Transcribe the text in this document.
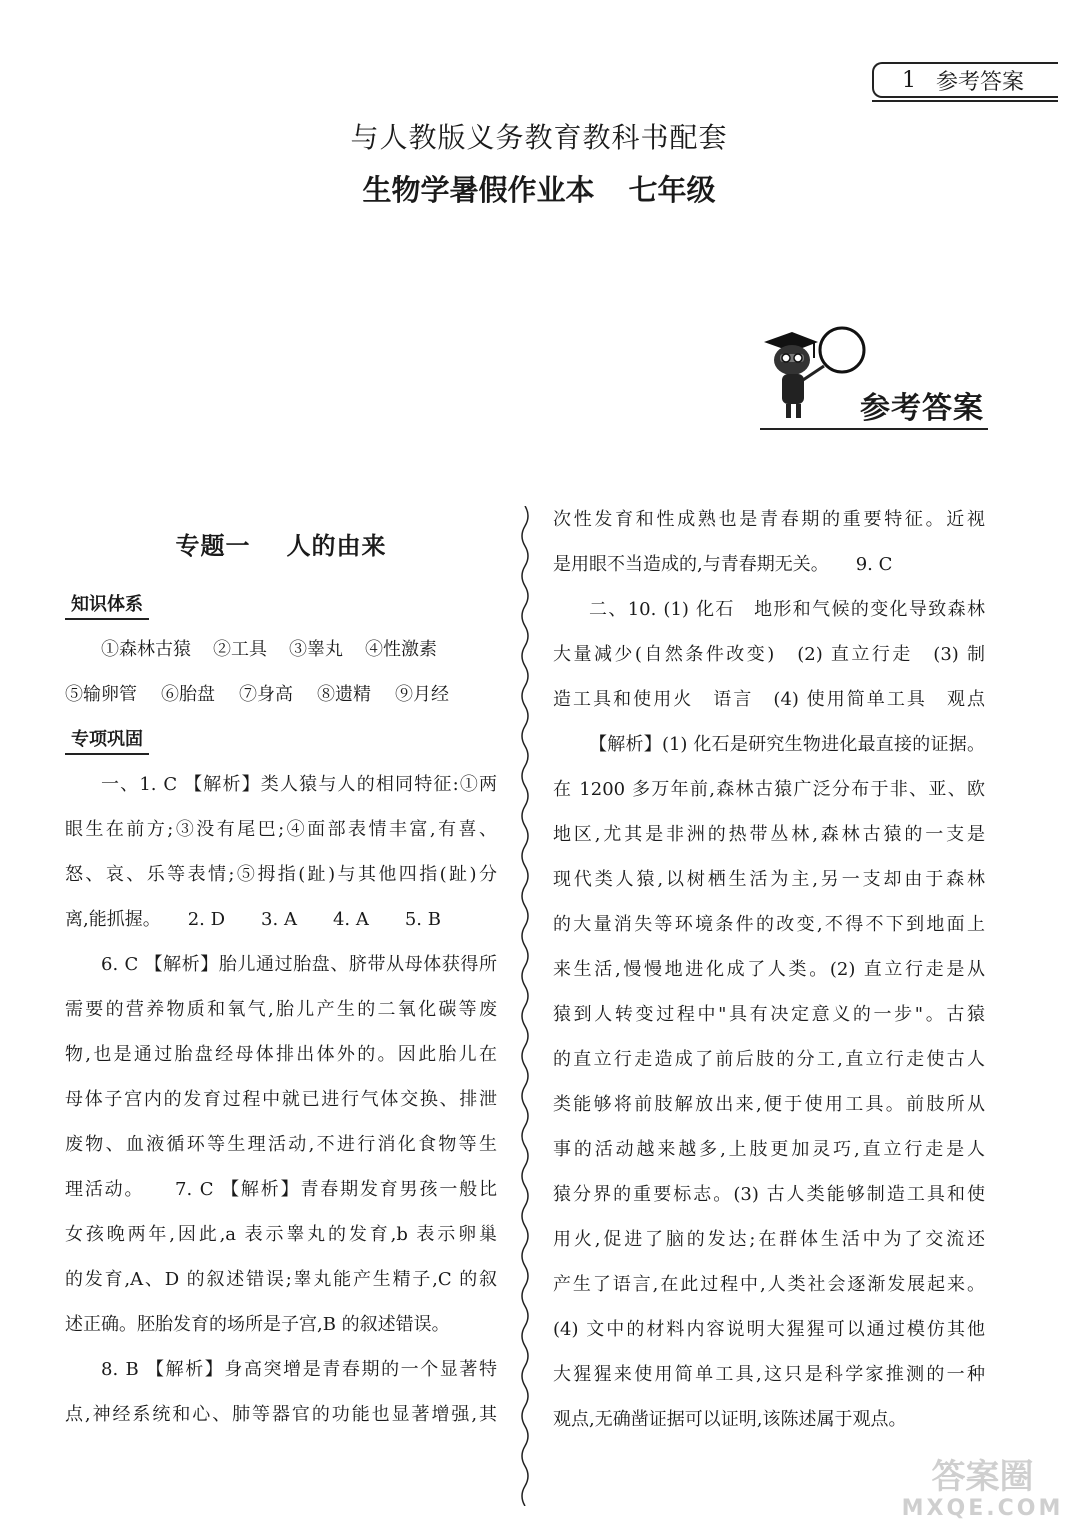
1 参考答案
与人教版义务教育教科书配套
生物学暑假作业本 七年级
参考答案
专题一 人的由来
知识体系
①森林古猿 ②工具 ③睾丸 ④性激素
⑤输卵管 ⑥胎盘 ⑦身高 ⑧遗精 ⑨月经
专项巩固

一、1. C 【解析】类人猿与人的相同特征:①两

眼生在前方;③没有尾巴;④面部表情丰富,有喜、

怒、哀、乐等表情;⑤拇指(趾)与其他四指(趾)分

离,能抓握。　　2. D　　3. A　　4. A　　5. B

6. C 【解析】胎儿通过胎盘、脐带从母体获得所

需要的营养物质和氧气,胎儿产生的二氧化碳等废

物,也是通过胎盘经母体排出体外的。因此胎儿在

母体子宫内的发育过程中就已进行气体交换、排泄

废物、血液循环等生理活动,不进行消化食物等生

理活动。　　7. C 【解析】青春期发育男孩一般比

女孩晚两年,因此,a 表示睾丸的发育,b 表示卵巢

的发育,A、D 的叙述错误;睾丸能产生精子,C 的叙

述正确。胚胎发育的场所是子宫,B 的叙述错误。

8. B 【解析】身高突增是青春期的一个显著特

点,神经系统和心、肺等器官的功能也显著增强,其

次性发育和性成熟也是青春期的重要特征。近视

是用眼不当造成的,与青春期无关。　　9. C

二、10. (1) 化石　地形和气候的变化导致森林

大量减少(自然条件改变)　(2) 直立行走　(3) 制

造工具和使用火　语言　(4) 使用简单工具　观点

【解析】(1) 化石是研究生物进化最直接的证据。

在 1200 多万年前,森林古猿广泛分布于非、亚、欧

地区,尤其是非洲的热带丛林,森林古猿的一支是

现代类人猿,以树栖生活为主,另一支却由于森林

的大量消失等环境条件的改变,不得不下到地面上

来生活,慢慢地进化成了人类。(2) 直立行走是从

猿到人转变过程中"具有决定意义的一步"。古猿

的直立行走造成了前后肢的分工,直立行走使古人

类能够将前肢解放出来,便于使用工具。前肢所从

事的活动越来越多,上肢更加灵巧,直立行走是人

猿分界的重要标志。(3) 古人类能够制造工具和使

用火,促进了脑的发达;在群体生活中为了交流还

产生了语言,在此过程中,人类社会逐渐发展起来。

(4) 文中的材料内容说明大猩猩可以通过模仿其他

大猩猩来使用简单工具,这只是科学家推测的一种

观点,无确凿证据可以证明,该陈述属于观点。

答案圈
MXQE.COM
